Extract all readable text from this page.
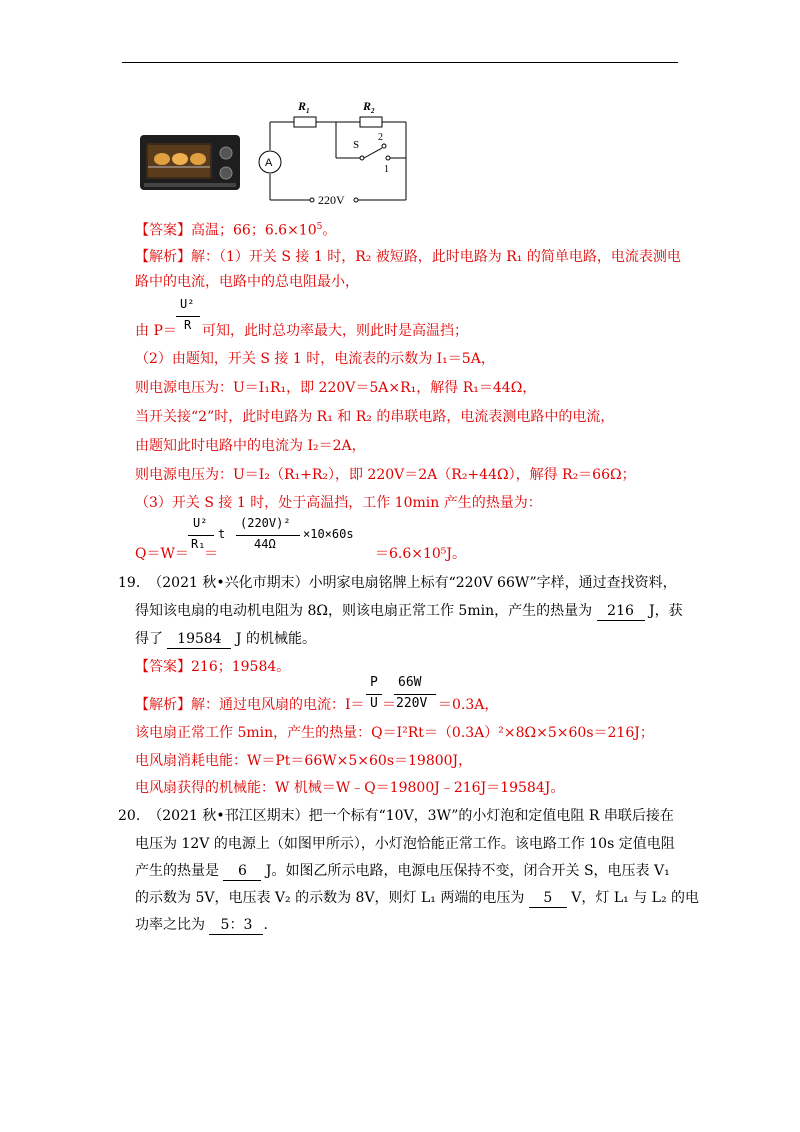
$R_1$	$R_2$
A
S
2
1
220V
【答案】高温；66；$6.6\times 10^5$。
【解析】解：（1）开关 S 接 1 时，R₂ 被短路，此时电路为 R₁ 的简单电路，电流表测电
路中的电流，电路中的总电阻最小，
U²
R
由 P＝ 可知，此时总功率最大，则此时是高温挡；
（2）由题知，开关 S 接 1 时，电流表的示数为 I₁＝5A，
则电源电压为：U＝I₁R₁，即 220V＝5A×R₁，解得 R₁＝44Ω，
当开关接“2”时，此时电路为 R₁ 和 R₂ 的串联电路，电流表测电路中的电流，
由题知此时电路中的电流为 I₂＝2A，
则电源电压为：U＝I₂（R₁+R₂），即 220V＝2A（R₂+44Ω），解得 R₂＝66Ω；
（3）开关 S 接 1 时，处于高温挡，工作 10min 产生的热量为：
U²
R₁
t
(220V)²
44Ω
×10×60s
Q＝W＝ ＝	＝6.6×10⁵J。
19. （2021 秋•兴化市期末）小明家电扇铭牌上标有“220V 66W”字样，通过查找资料，
得知该电扇的电动机电阻为 8Ω，则该电扇正常工作 5min，产生的热量为 216 J，获
得了 19584 J 的机械能。
【答案】216；19584。
P
U
66W
220V
【解析】解：通过电风扇的电流：I＝ ＝	＝0.3A，
该电扇正常工作 5min，产生的热量：Q＝I²Rt＝（0.3A）²×8Ω×5×60s＝216J；
电风扇消耗电能：W＝Pt＝66W×5×60s＝19800J，
电风扇获得的机械能：W 机械＝W﹣Q＝19800J﹣216J＝19584J。
20. （2021 秋•邗江区期末）把一个标有“10V，3W”的小灯泡和定值电阻 R 串联后接在
电压为 12V 的电源上（如图甲所示），小灯泡恰能正常工作。该电路工作 10s 定值电阻
产生的热量是 6 J。如图乙所示电路，电源电压保持不变，闭合开关 S，电压表 V₁
的示数为 5V，电压表 V₂ 的示数为 8V，则灯 L₁ 两端的电压为 5 V，灯 L₁ 与 L₂ 的电
功率之比为 5：3 .
